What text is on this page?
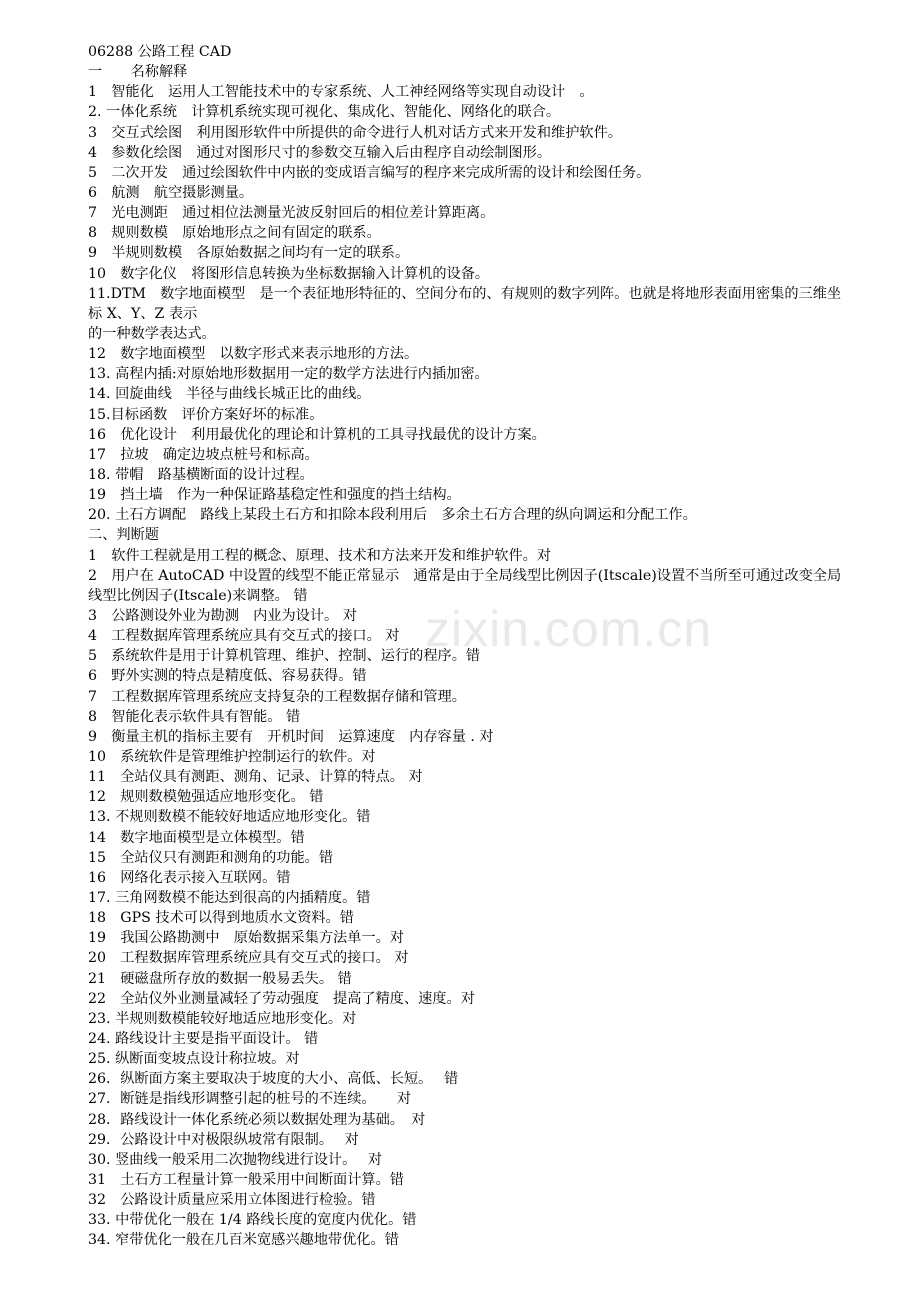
zixin.com.cn
06288 公路工程 CAD
一　　名称解释
1　智能化　运用人工智能技术中的专家系统、人工神经网络等实现自动设计　。
2. 一体化系统　计算机系统实现可视化、集成化、智能化、网络化的联合。
3　交互式绘图　利用图形软件中所提供的命令进行人机对话方式来开发和维护软件。
4　参数化绘图　通过对图形尺寸的参数交互输入后由程序自动绘制图形。
5　二次开发　通过绘图软件中内嵌的变成语言编写的程序来完成所需的设计和绘图任务。
6　航测　航空摄影测量。
7　光电测距　通过相位法测量光波反射回后的相位差计算距离。
8　规则数模　原始地形点之间有固定的联系。
9　半规则数模　各原始数据之间均有一定的联系。
10　数字化仪　将图形信息转换为坐标数据输入计算机的设备。
11.DTM　数字地面模型　是一个表征地形特征的、空间分布的、有规则的数字列阵。也就是将地形表面用密集的三维坐标 X、Y、Z 表示
的一种数学表达式。
12　数字地面模型　以数字形式来表示地形的方法。
13. 高程内插:对原始地形数据用一定的数学方法进行内插加密。
14. 回旋曲线　半径与曲线长城正比的曲线。
15.目标函数　评价方案好坏的标准。
16　优化设计　利用最优化的理论和计算机的工具寻找最优的设计方案。
17　拉坡　确定边坡点桩号和标高。
18. 带帽　路基横断面的设计过程。
19　挡土墙　作为一种保证路基稳定性和强度的挡土结构。
20. 土石方调配　路线上某段土石方和扣除本段利用后　多余土石方合理的纵向调运和分配工作。
二、判断题
1　软件工程就是用工程的概念、原理、技术和方法来开发和维护软件。对
2　用户在 AutoCAD 中设置的线型不能正常显示　通常是由于全局线型比例因子(Itscale)设置不当所至可通过改变全局线型比例因子(Itscale)来调整。 错
3　公路测设外业为勘测　内业为设计。 对
4　工程数据库管理系统应具有交互式的接口。 对
5　系统软件是用于计算机管理、维护、控制、运行的程序。错
6　野外实测的特点是精度低、容易获得。错
7　工程数据库管理系统应支持复杂的工程数据存储和管理。
8　智能化表示软件具有智能。 错
9　衡量主机的指标主要有　开机时间　运算速度　内存容量 . 对
10　系统软件是管理维护控制运行的软件。对
11　全站仪具有测距、测角、记录、计算的特点。 对
12　规则数模勉强适应地形变化。 错
13. 不规则数模不能较好地适应地形变化。错
14　数字地面模型是立体模型。错
15　全站仪只有测距和测角的功能。错
16　网络化表示接入互联网。错
17. 三角网数模不能达到很高的内插精度。错
18　GPS 技术可以得到地质水文资料。错
19　我国公路勘测中　原始数据采集方法单一。对
20　工程数据库管理系统应具有交互式的接口。 对
21　硬磁盘所存放的数据一般易丢失。 错
22　全站仪外业测量减轻了劳动强度　提高了精度、速度。对
23. 半规则数模能较好地适应地形变化。对
24. 路线设计主要是指平面设计。 错
25. 纵断面变坡点设计称拉坡。对
26．纵断面方案主要取决于坡度的大小、高低、长短。　 错
27．断链是指线形调整引起的桩号的不连续。　　对
28．路线设计一体化系统必须以数据处理为基础。　对
29．公路设计中对极限纵坡常有限制。　 对
30. 竖曲线一般采用二次抛物线进行设计。　 对
31　土石方工程量计算一般采用中间断面计算。错
32　公路设计质量应采用立体图进行检验。错
33. 中带优化一般在 1/4 路线长度的宽度内优化。错
34. 窄带优化一般在几百米宽感兴趣地带优化。错
